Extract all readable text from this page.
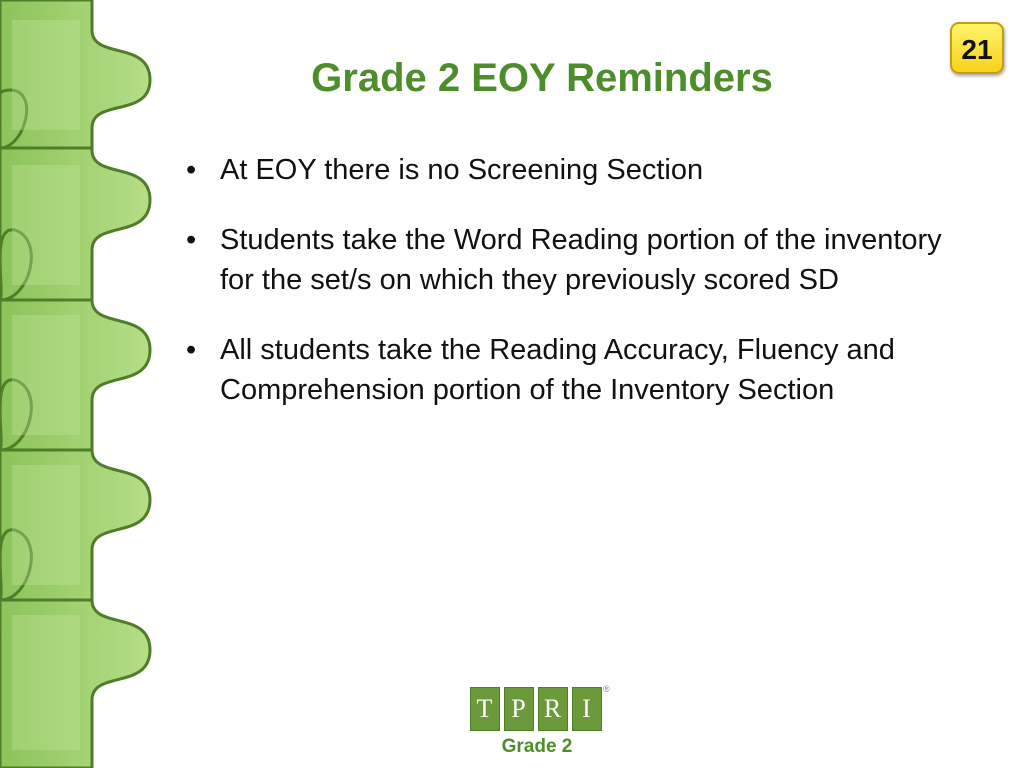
21
Grade 2 EOY Reminders
• At EOY there is no Screening Section
• Students take the Word Reading portion of the inventory for the set/s on which they previously scored SD
• All students take the Reading Accuracy, Fluency and Comprehension portion of the Inventory Section
T P R I
®
Grade 2
